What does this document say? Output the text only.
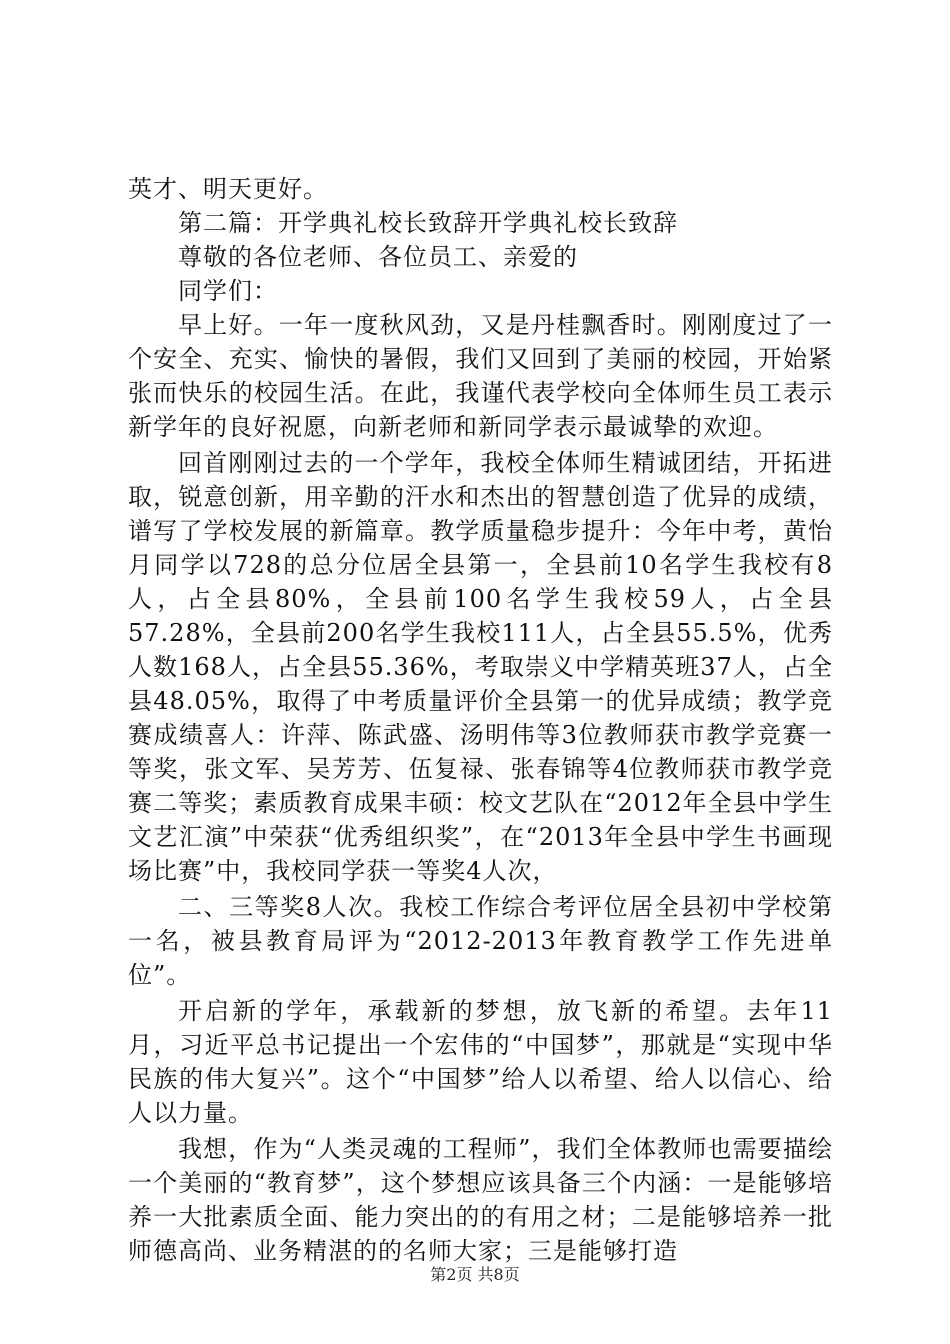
英才、明天更好。

第二篇：开学典礼校长致辞开学典礼校长致辞

尊敬的各位老师、各位员工、亲爱的

同学们：

早上好。一年一度秋风劲，又是丹桂飘香时。刚刚度过了一个安全、充实、愉快的暑假，我们又回到了美丽的校园，开始紧张而快乐的校园生活。在此，我谨代表学校向全体师生员工表示新学年的良好祝愿，向新老师和新同学表示最诚挚的欢迎。

回首刚刚过去的一个学年，我校全体师生精诚团结，开拓进取，锐意创新，用辛勤的汗水和杰出的智慧创造了优异的成绩，谱写了学校发展的新篇章。教学质量稳步提升：今年中考，黄怡月同学以728的总分位居全县第一，全县前10名学生我校有8人，占全县80%，全县前100名学生我校59人，占全县57.28%，全县前200名学生我校111人，占全县55.5%，优秀人数168人，占全县55.36%，考取崇义中学精英班37人，占全县48.05%，取得了中考质量评价全县第一的优异成绩；教学竞赛成绩喜人：许萍、陈武盛、汤明伟等3位教师获市教学竞赛一等奖，张文军、吴芳芳、伍复禄、张春锦等4位教师获市教学竞赛二等奖；素质教育成果丰硕：校文艺队在“2012年全县中学生文艺汇演”中荣获“优秀组织奖”，在“2013年全县中学生书画现场比赛”中，我校同学获一等奖4人次，

二、三等奖8人次。我校工作综合考评位居全县初中学校第一名，被县教育局评为“2012-2013年教育教学工作先进单位”。

开启新的学年，承载新的梦想，放飞新的希望。去年11月，习近平总书记提出一个宏伟的“中国梦”，那就是“实现中华民族的伟大复兴”。这个“中国梦”给人以希望、给人以信心、给人以力量。

我想，作为“人类灵魂的工程师”，我们全体教师也需要描绘一个美丽的“教育梦”，这个梦想应该具备三个内涵：一是能够培养一大批素质全面、能力突出的的有用之材；二是能够培养一批师德高尚、业务精湛的的名师大家；三是能够打造

第2页 共8页
